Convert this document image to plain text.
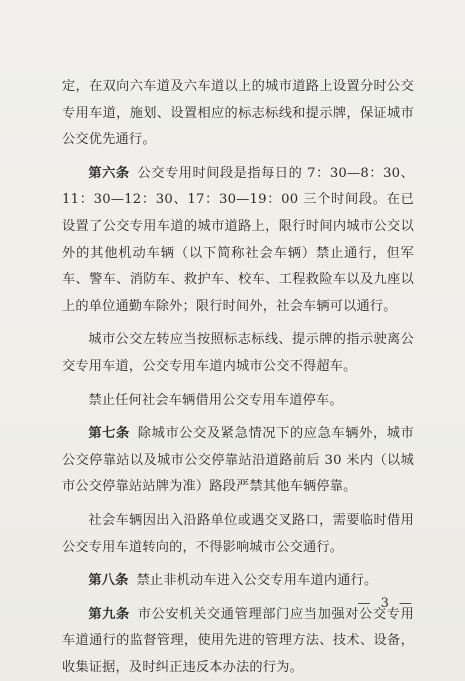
定，在双向六车道及六车道以上的城市道路上设置分时公交专用车道，施划、设置相应的标志标线和提示牌，保证城市公交优先通行。

第六条 公交专用时间段是指每日的 7：30—8：30、11：30—12：30、17：30—19：00 三个时间段。在已设置了公交专用车道的城市道路上，限行时间内城市公交以外的其他机动车辆（以下简称社会车辆）禁止通行，但军车、警车、消防车、救护车、校车、工程救险车以及九座以上的单位通勤车除外；限行时间外，社会车辆可以通行。

城市公交左转应当按照标志标线、提示牌的指示驶离公交专用车道，公交专用车道内城市公交不得超车。

禁止任何社会车辆借用公交专用车道停车。

第七条 除城市公交及紧急情况下的应急车辆外，城市公交停靠站以及城市公交停靠站沿道路前后 30 米内（以城市公交停靠站站牌为准）路段严禁其他车辆停靠。

社会车辆因出入沿路单位或遇交叉路口，需要临时借用公交专用车道转向的，不得影响城市公交通行。

第八条 禁止非机动车进入公交专用车道内通行。

第九条 市公安机关交通管理部门应当加强对公交专用车道通行的监督管理，使用先进的管理方法、技术、设备，收集证据，及时纠正违反本办法的行为。

— 3 —
